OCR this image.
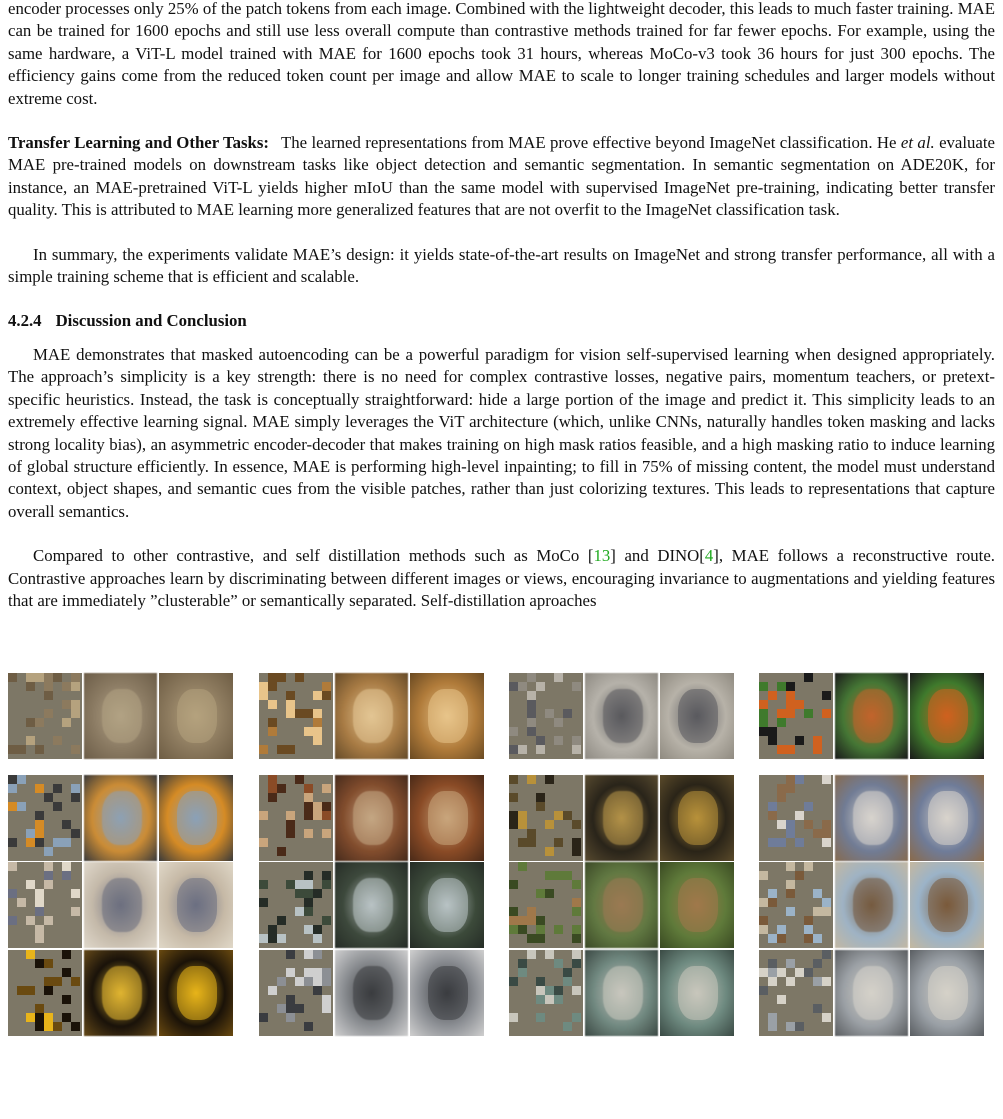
encoder processes only 25% of the patch tokens from each image. Combined with the lightweight decoder, this leads to much faster training. MAE can be trained for 1600 epochs and still use less overall compute than contrastive methods trained for far fewer epochs. For example, using the same hardware, a ViT-L model trained with MAE for 1600 epochs took 31 hours, whereas MoCo-v3 took 36 hours for just 300 epochs. The efficiency gains come from the reduced token count per image and allow MAE to scale to longer training schedules and larger models without extreme cost.

Transfer Learning and Other Tasks: The learned representations from MAE prove effective beyond ImageNet classification. He et al. evaluate MAE pre-trained models on downstream tasks like object detection and semantic segmentation. In semantic segmentation on ADE20K, for instance, an MAE-pretrained ViT-L yields higher mIoU than the same model with supervised ImageNet pre-training, indicating better transfer quality. This is attributed to MAE learning more generalized features that are not overfit to the ImageNet classification task.

In summary, the experiments validate MAE’s design: it yields state-of-the-art results on ImageNet and strong transfer performance, all with a simple training scheme that is efficient and scalable.

4.2.4 Discussion and Conclusion

MAE demonstrates that masked autoencoding can be a powerful paradigm for vision self-supervised learning when designed appropriately. The approach’s simplicity is a key strength: there is no need for complex contrastive losses, negative pairs, momentum teachers, or pretext-specific heuristics. Instead, the task is conceptually straightforward: hide a large portion of the image and predict it. This simplicity leads to an extremely effective learning signal. MAE simply leverages the ViT architecture (which, unlike CNNs, naturally handles token masking and lacks strong locality bias), an asymmetric encoder-decoder that makes training on high mask ratios feasible, and a high masking ratio to induce learning of global structure efficiently. In essence, MAE is performing high-level inpainting; to fill in 75% of missing content, the model must understand context, object shapes, and semantic cues from the visible patches, rather than just colorizing textures. This leads to representations that capture overall semantics.

Compared to other contrastive, and self distillation methods such as MoCo [13] and DINO[4], MAE follows a reconstructive route. Contrastive approaches learn by discriminating between different images or views, encouraging invariance to augmentations and yielding features that are immediately ”clusterable” or semantically separated. Self-distillation aproaches
